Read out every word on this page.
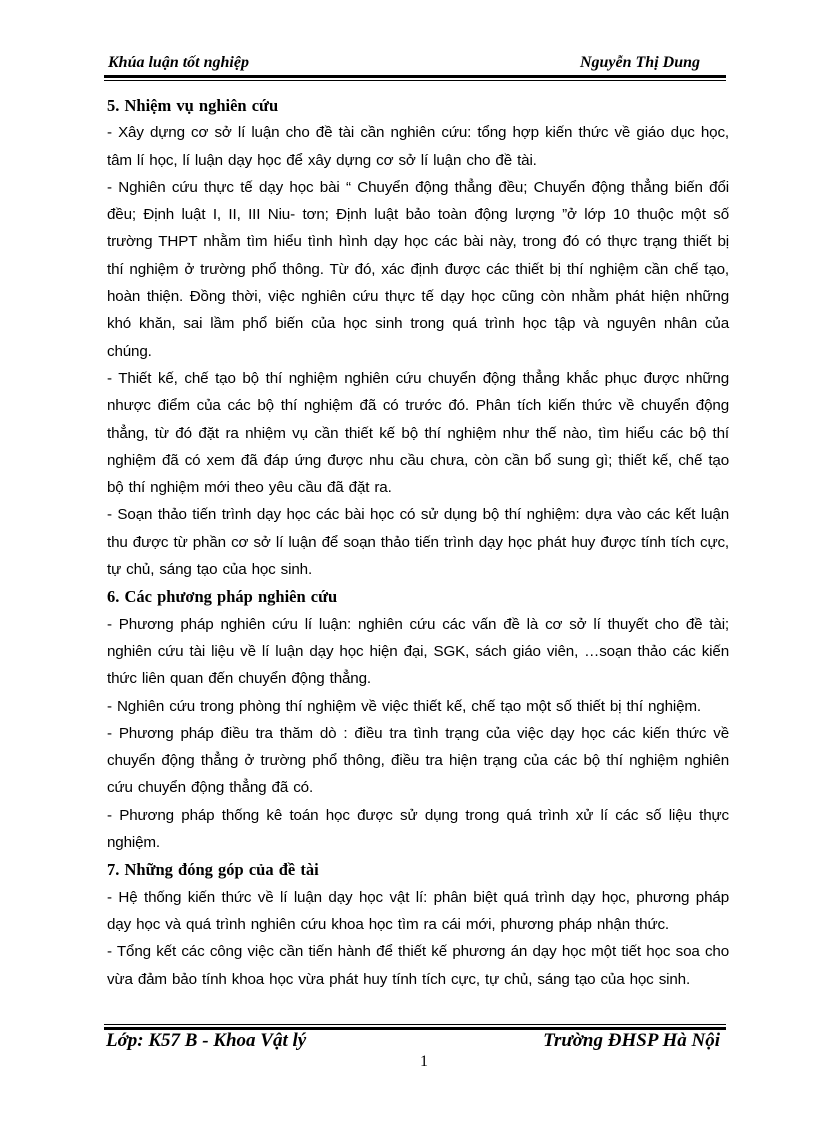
Khúa luận tốt nghiệp	Nguyễn Thị Dung
5. Nhiệm vụ nghiên cứu

- Xây dựng cơ sở lí luận cho đề tài cần nghiên cứu: tổng hợp kiến thức về giáo dục học, tâm lí học, lí luận dạy học để xây dựng cơ sở lí luận cho đề tài.

- Nghiên cứu thực tế dạy học bài “ Chuyển động thẳng đều; Chuyển động thẳng biến đổi đều; Định luật I, II, III Niu- tơn; Định luật bảo toàn động lượng ”ở lớp 10 thuộc một số trường THPT nhằm tìm hiểu tình hình dạy học các bài này, trong đó có thực trạng thiết bị thí nghiệm ở trường phổ thông. Từ đó, xác định được các thiết bị thí nghiệm cần chế tạo, hoàn thiện. Đồng thời, việc nghiên cứu thực tế dạy học cũng còn nhằm phát hiện những khó khăn, sai lầm phổ biến của học sinh trong quá trình học tập và nguyên nhân của chúng.

- Thiết kế, chế tạo bộ thí nghiệm nghiên cứu chuyển động thẳng khắc phục được những nhược điểm của các bộ thí nghiệm đã có trước đó. Phân tích kiến thức về chuyển động thẳng, từ đó đặt ra nhiệm vụ cần thiết kế bộ thí nghiệm như thế nào, tìm hiểu các bộ thí nghiệm đã có xem đã đáp ứng được nhu cầu chưa, còn cần bổ sung gì; thiết kế, chế tạo bộ thí nghiệm mới theo yêu cầu đã đặt ra.

- Soạn thảo tiến trình dạy học các bài học có sử dụng bộ thí nghiệm: dựa vào các kết luận thu được từ phần cơ sở lí luận để soạn thảo tiến trình dạy học phát huy được tính tích cực, tự chủ, sáng tạo của học sinh.

6. Các phương pháp nghiên cứu

- Phương pháp nghiên cứu lí luận: nghiên cứu các vấn đề là cơ sở lí thuyết cho đề tài; nghiên cứu tài liệu về lí luận dạy học hiện đại, SGK, sách giáo viên, …soạn thảo các kiến thức liên quan đến chuyển động thẳng.

- Nghiên cứu trong phòng thí nghiệm về việc thiết kế, chế tạo một số thiết bị thí nghiệm.

- Phương pháp điều tra thăm dò : điều tra tình trạng của việc dạy học các kiến thức về chuyển động thẳng ở trường phổ thông, điều tra hiện trạng của các bộ thí nghiệm nghiên cứu chuyển động thẳng đã có.

- Phương pháp thống kê toán học được sử dụng trong quá trình xử lí các số liệu thực nghiệm.

7. Những đóng góp của đề tài

- Hệ thống kiến thức về lí luận dạy học vật lí: phân biệt quá trình dạy học, phương pháp dạy học và quá trình nghiên cứu khoa học tìm ra cái mới, phương pháp nhận thức.

- Tổng kết các công việc cần tiến hành để thiết kế phương án dạy học một tiết học soa cho vừa đảm bảo tính khoa học vừa phát huy tính tích cực, tự chủ, sáng tạo của học sinh.

Lớp: K57 B - Khoa Vật lý	Trường ĐHSP Hà Nội
1
